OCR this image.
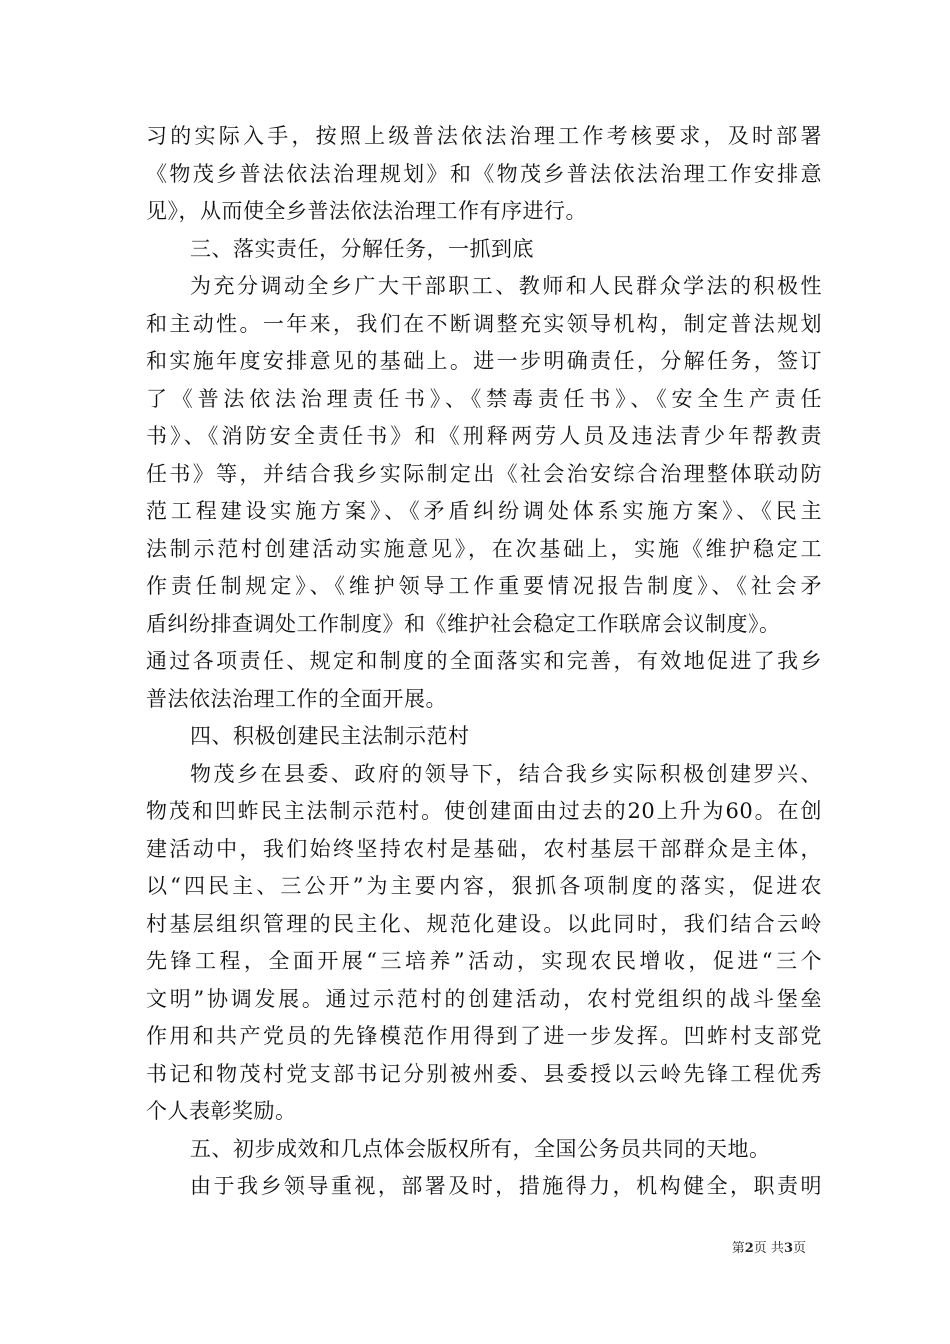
习的实际入手，按照上级普法依法治理工作考核要求，及时部署
《物茂乡普法依法治理规划》和《物茂乡普法依法治理工作安排意
见》，从而使全乡普法依法治理工作有序进行。
三、落实责任，分解任务，一抓到底
为充分调动全乡广大干部职工、教师和人民群众学法的积极性
和主动性。一年来，我们在不断调整充实领导机构，制定普法规划
和实施年度安排意见的基础上。进一步明确责任，分解任务，签订
了《普法依法治理责任书》、《禁毒责任书》、《安全生产责任
书》、《消防安全责任书》和《刑释两劳人员及违法青少年帮教责
任书》等，并结合我乡实际制定出《社会治安综合治理整体联动防
范工程建设实施方案》、《矛盾纠纷调处体系实施方案》、《民主
法制示范村创建活动实施意见》，在次基础上，实施《维护稳定工
作责任制规定》、《维护领导工作重要情况报告制度》、《社会矛
盾纠纷排查调处工作制度》和《维护社会稳定工作联席会议制度》。
通过各项责任、规定和制度的全面落实和完善，有效地促进了我乡
普法依法治理工作的全面开展。
四、积极创建民主法制示范村
物茂乡在县委、政府的领导下，结合我乡实际积极创建罗兴、
物茂和凹蚱民主法制示范村。使创建面由过去的20上升为60。在创
建活动中，我们始终坚持农村是基础，农村基层干部群众是主体，
以“四民主、三公开”为主要内容，狠抓各项制度的落实，促进农
村基层组织管理的民主化、规范化建设。以此同时，我们结合云岭
先锋工程，全面开展“三培养”活动，实现农民增收，促进“三个
文明”协调发展。通过示范村的创建活动，农村党组织的战斗堡垒
作用和共产党员的先锋模范作用得到了进一步发挥。凹蚱村支部党
书记和物茂村党支部书记分别被州委、县委授以云岭先锋工程优秀
个人表彰奖励。
五、初步成效和几点体会版权所有，全国公务员共同的天地。
由于我乡领导重视，部署及时，措施得力，机构健全，职责明
第2页 共3页
